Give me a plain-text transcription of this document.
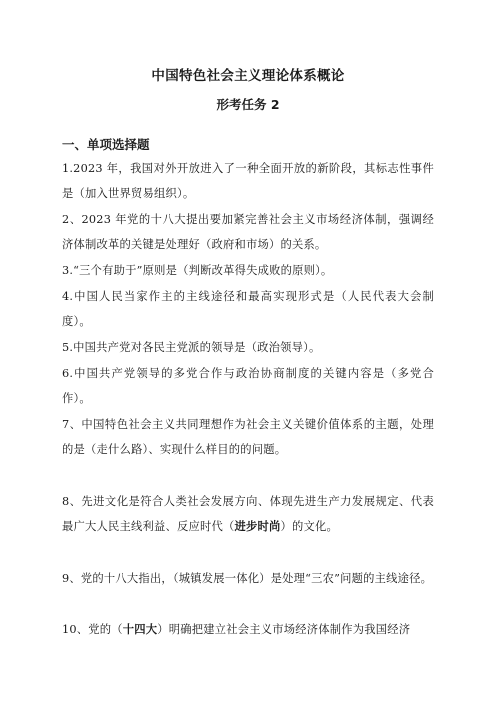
中国特色社会主义理论体系概论
形考任务 2
一、单项选择题
1.2023 年，我国对外开放进入了一种全面开放的新阶段，其标志性事件是（加入世界贸易组织）。
2、2023 年党的十八大提出要加紧完善社会主义市场经济体制，强调经济体制改革的关键是处理好（政府和市场）的关系。
3.“三个有助于”原则是（判断改革得失成败的原则）。
4.中国人民当家作主的主线途径和最高实现形式是（人民代表大会制度）。
5.中国共产党对各民主党派的领导是（政治领导）。
6.中国共产党领导的多党合作与政治协商制度的关键内容是（多党合作）。
7、中国特色社会主义共同理想作为社会主义关键价值体系的主题，处理的是（走什么路）、实现什么样目的的问题。
8、先进文化是符合人类社会发展方向、体现先进生产力发展规定、代表最广大人民主线利益、反应时代（进步时尚）的文化。
9、党的十八大指出，（城镇发展一体化）是处理“三农”问题的主线途径。
10、党的（十四大）明确把建立社会主义市场经济体制作为我国经济
